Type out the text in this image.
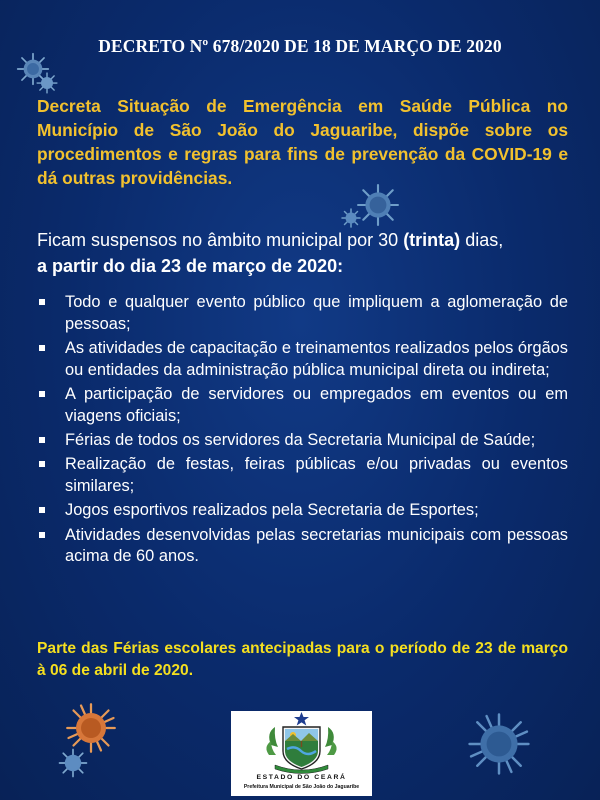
DECRETO Nº 678/2020 DE 18 DE MARÇO DE 2020
Decreta Situação de Emergência em Saúde Pública no Município de São João do Jaguaribe, dispõe sobre os procedimentos e regras para fins de prevenção da COVID-19 e dá outras providências.
Ficam suspensos no âmbito municipal por 30 (trinta) dias,
a partir do dia 23 de março de 2020:
Todo e qualquer evento público que impliquem a aglomeração de pessoas;
As atividades de capacitação e treinamentos realizados pelos órgãos ou entidades da administração pública municipal direta ou indireta;
A participação de servidores ou empregados em eventos ou em viagens oficiais;
Férias de todos os servidores da Secretaria Municipal de Saúde;
Realização de festas, feiras públicas e/ou privadas ou eventos similares;
Jogos esportivos realizados pela Secretaria de Esportes;
Atividades desenvolvidas pelas secretarias municipais com pessoas acima de 60 anos.
Parte das Férias escolares antecipadas para o período de 23 de março à 06 de abril de 2020.
ESTADO DO CEARÁ
Prefeitura Municipal de São João do Jaguaribe
